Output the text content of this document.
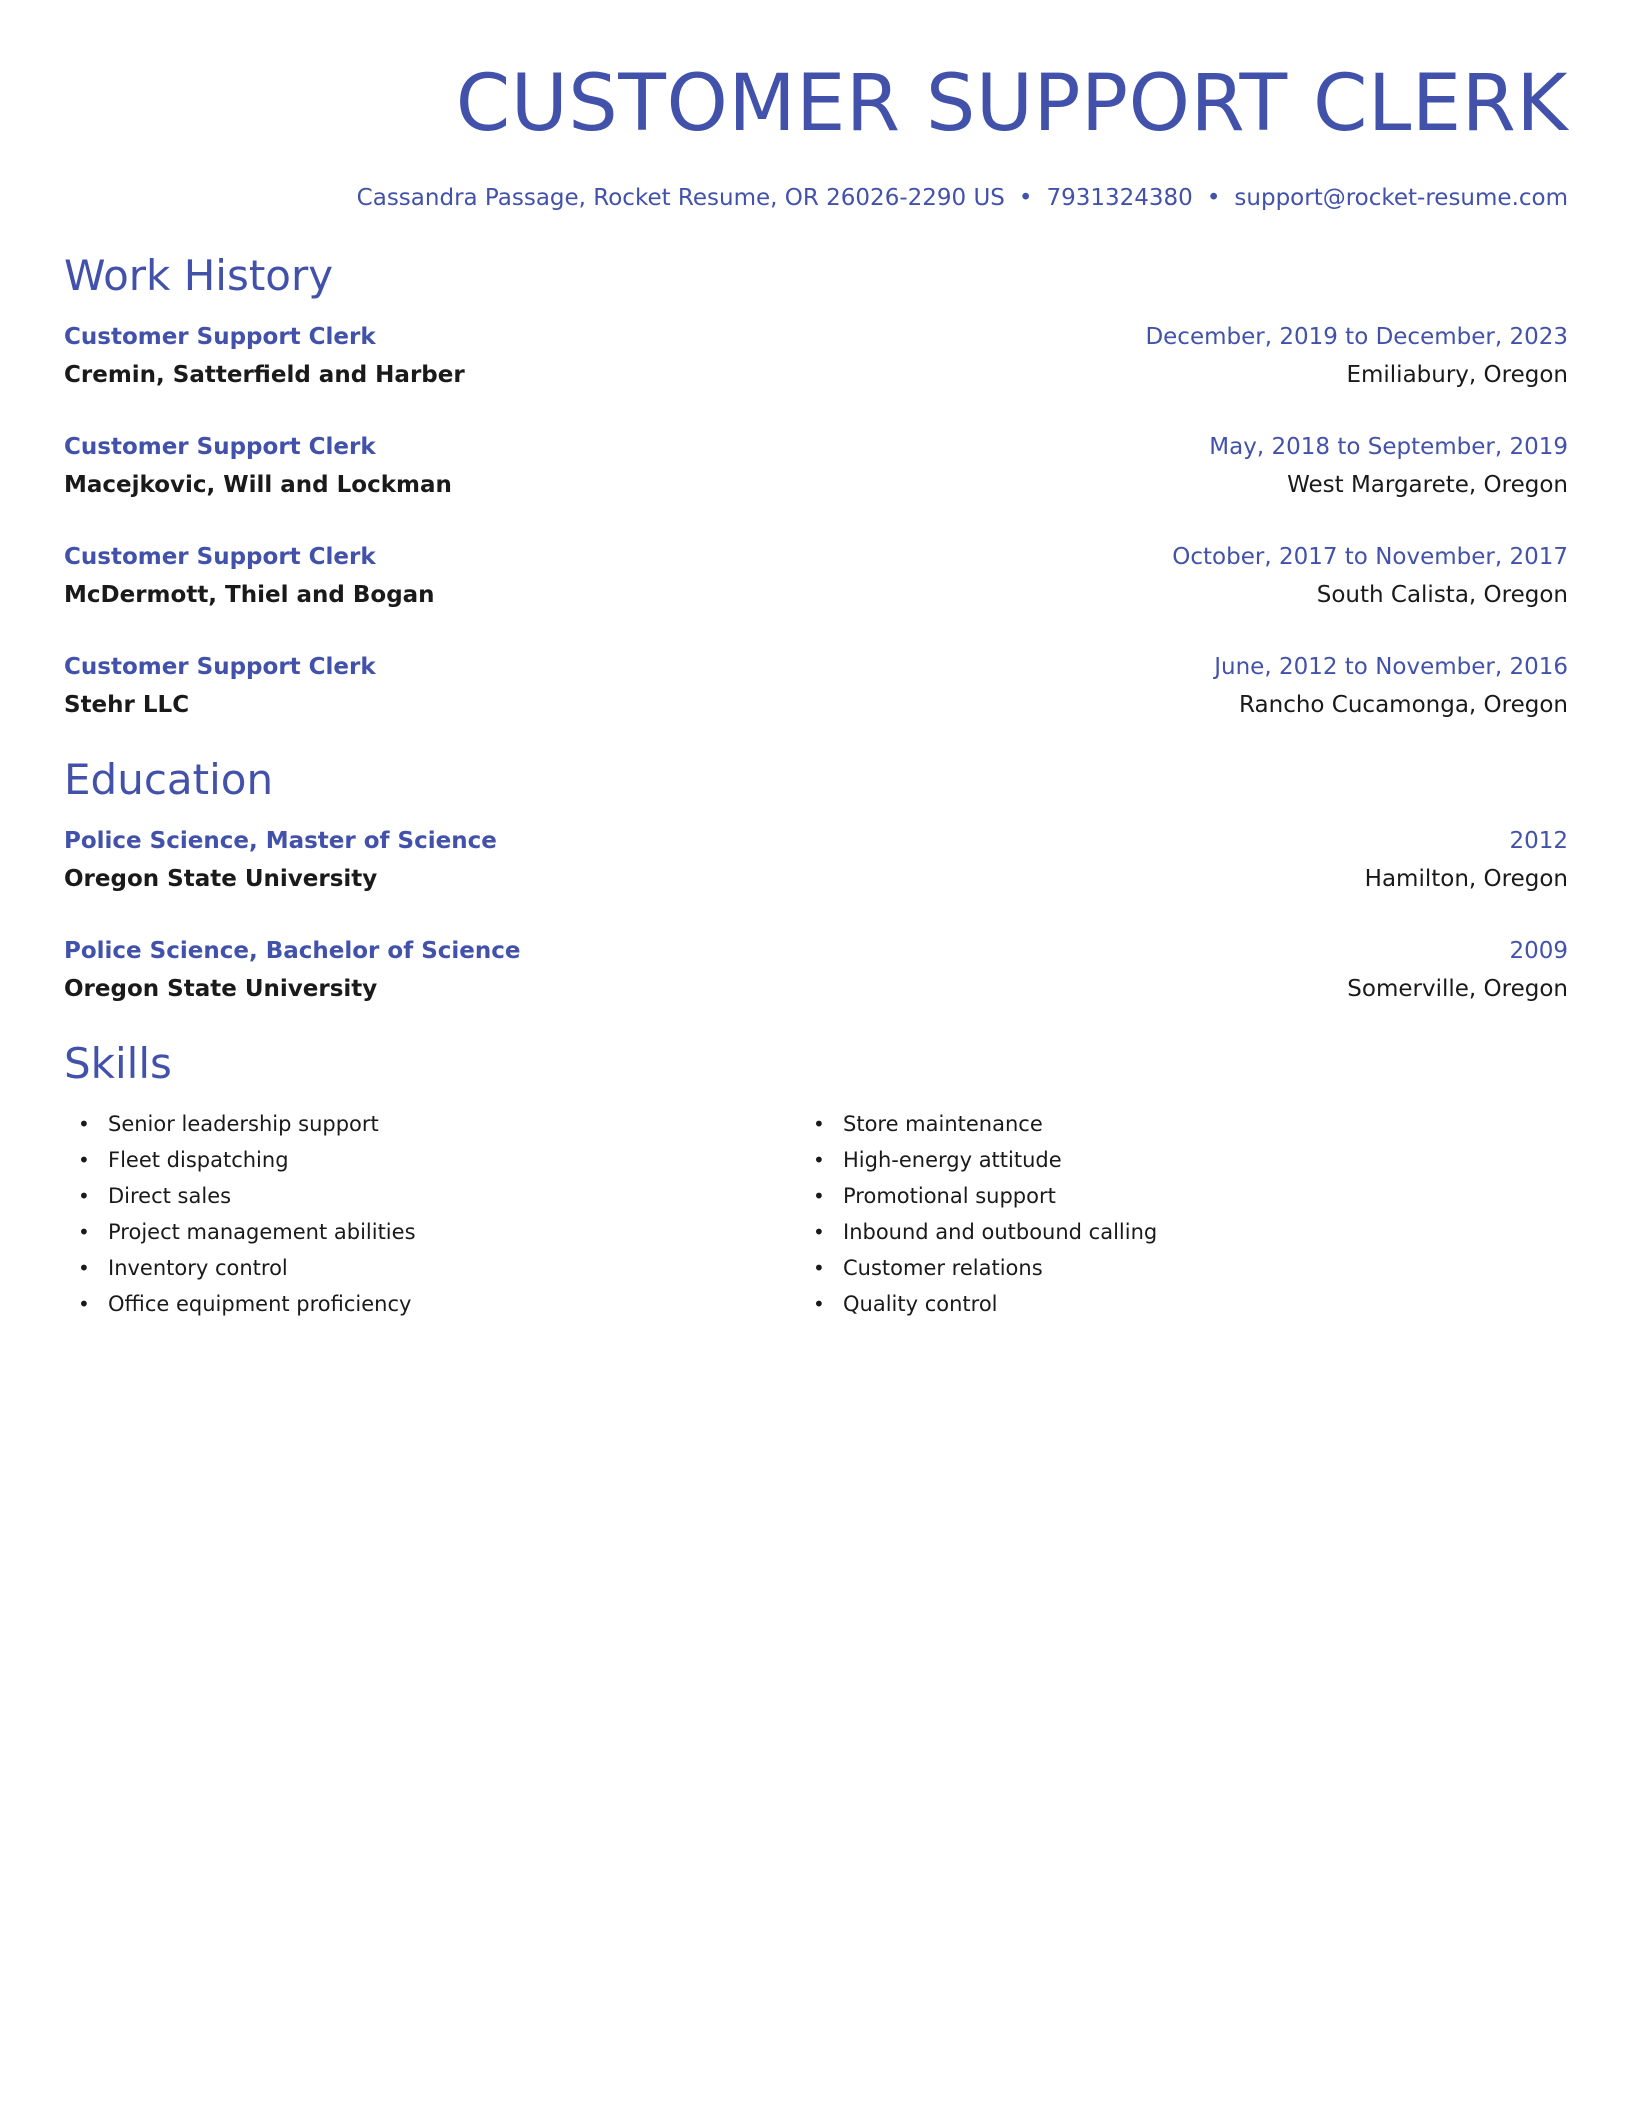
CUSTOMER SUPPORT CLERK
Cassandra Passage, Rocket Resume, OR 26026-2290 US • 7931324380 • support@rocket-resume.com
Work History
Customer Support Clerk	December, 2019 to December, 2023
Cremin, Satterfield and Harber	Emiliabury, Oregon
Customer Support Clerk	May, 2018 to September, 2019
Macejkovic, Will and Lockman	West Margarete, Oregon
Customer Support Clerk	October, 2017 to November, 2017
McDermott, Thiel and Bogan	South Calista, Oregon
Customer Support Clerk	June, 2012 to November, 2016
Stehr LLC	Rancho Cucamonga, Oregon
Education
Police Science, Master of Science	2012
Oregon State University	Hamilton, Oregon
Police Science, Bachelor of Science	2009
Oregon State University	Somerville, Oregon
Skills
• Senior leadership support
• Fleet dispatching
• Direct sales
• Project management abilities
• Inventory control
• Office equipment proficiency
• Store maintenance
• High-energy attitude
• Promotional support
• Inbound and outbound calling
• Customer relations
• Quality control
